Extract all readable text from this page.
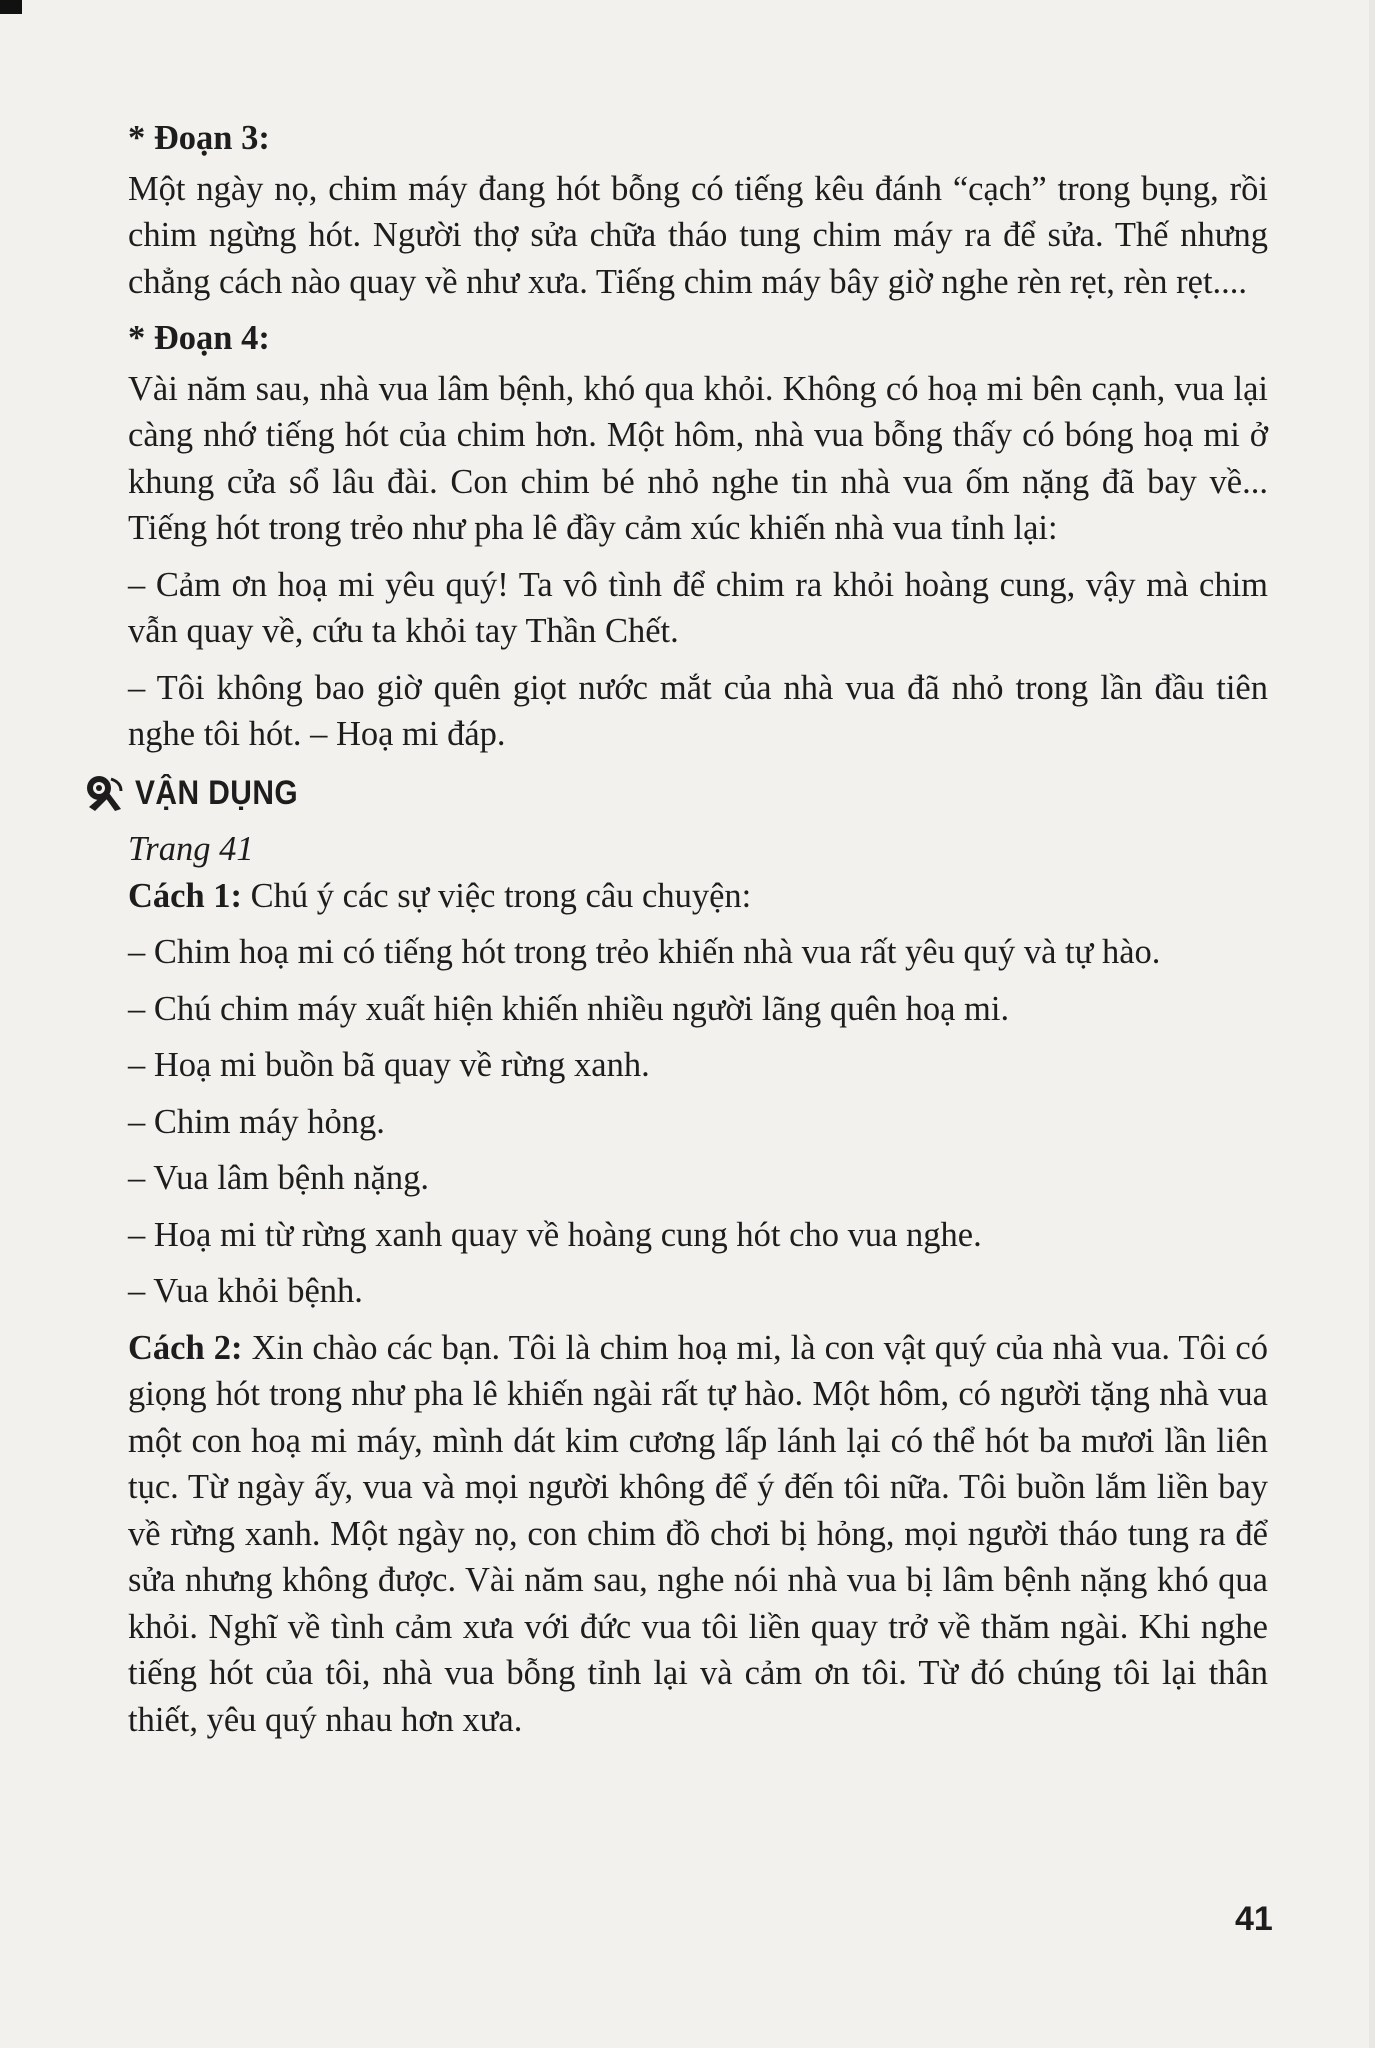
* Đoạn 3:

Một ngày nọ, chim máy đang hót bỗng có tiếng kêu đánh “cạch” trong bụng, rồi chim ngừng hót. Người thợ sửa chữa tháo tung chim máy ra để sửa. Thế nhưng chẳng cách nào quay về như xưa. Tiếng chim máy bây giờ nghe rèn rẹt, rèn rẹt....

* Đoạn 4:

Vài năm sau, nhà vua lâm bệnh, khó qua khỏi. Không có hoạ mi bên cạnh, vua lại càng nhớ tiếng hót của chim hơn. Một hôm, nhà vua bỗng thấy có bóng hoạ mi ở khung cửa sổ lâu đài. Con chim bé nhỏ nghe tin nhà vua ốm nặng đã bay về... Tiếng hót trong trẻo như pha lê đầy cảm xúc khiến nhà vua tỉnh lại:

– Cảm ơn hoạ mi yêu quý! Ta vô tình để chim ra khỏi hoàng cung, vậy mà chim vẫn quay về, cứu ta khỏi tay Thần Chết.

– Tôi không bao giờ quên giọt nước mắt của nhà vua đã nhỏ trong lần đầu tiên nghe tôi hót. – Hoạ mi đáp.

VẬN DỤNG

Trang 41

Cách 1: Chú ý các sự việc trong câu chuyện:

– Chim hoạ mi có tiếng hót trong trẻo khiến nhà vua rất yêu quý và tự hào.

– Chú chim máy xuất hiện khiến nhiều người lãng quên hoạ mi.

– Hoạ mi buồn bã quay về rừng xanh.

– Chim máy hỏng.

– Vua lâm bệnh nặng.

– Hoạ mi từ rừng xanh quay về hoàng cung hót cho vua nghe.

– Vua khỏi bệnh.

Cách 2: Xin chào các bạn. Tôi là chim hoạ mi, là con vật quý của nhà vua. Tôi có giọng hót trong như pha lê khiến ngài rất tự hào. Một hôm, có người tặng nhà vua một con hoạ mi máy, mình dát kim cương lấp lánh lại có thể hót ba mươi lần liên tục. Từ ngày ấy, vua và mọi người không để ý đến tôi nữa. Tôi buồn lắm liền bay về rừng xanh. Một ngày nọ, con chim đồ chơi bị hỏng, mọi người tháo tung ra để sửa nhưng không được. Vài năm sau, nghe nói nhà vua bị lâm bệnh nặng khó qua khỏi. Nghĩ về tình cảm xưa với đức vua tôi liền quay trở về thăm ngài. Khi nghe tiếng hót của tôi, nhà vua bỗng tỉnh lại và cảm ơn tôi. Từ đó chúng tôi lại thân thiết, yêu quý nhau hơn xưa.

41
